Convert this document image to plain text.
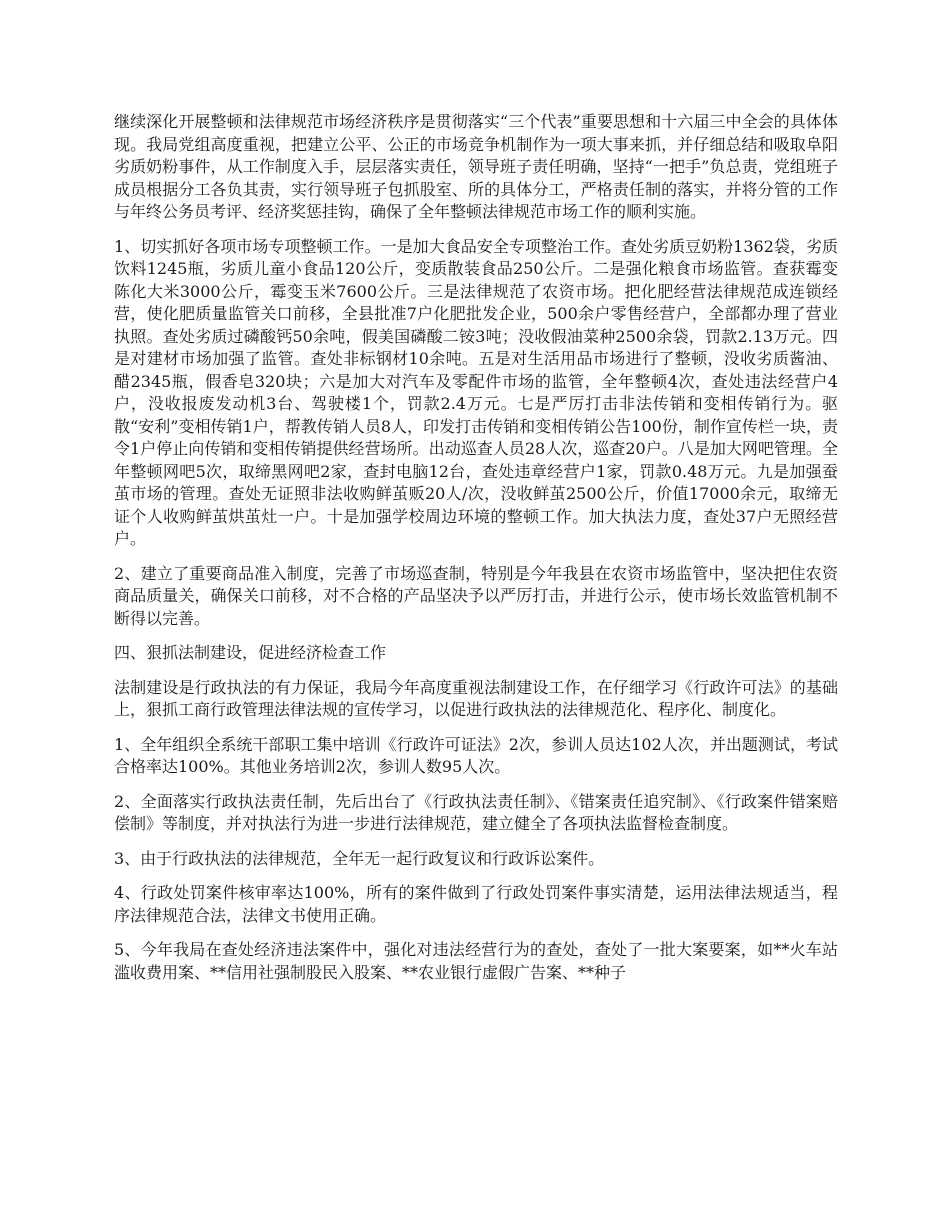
继续深化开展整顿和法律规范市场经济秩序是贯彻落实“三个代表”重要思想和十六届三中全会的具体体现。我局党组高度重视，把建立公平、公正的市场竞争机制作为一项大事来抓，并仔细总结和吸取阜阳劣质奶粉事件，从工作制度入手，层层落实责任，领导班子责任明确，坚持“一把手”负总责，党组班子成员根据分工各负其责，实行领导班子包抓股室、所的具体分工，严格责任制的落实，并将分管的工作与年终公务员考评、经济奖惩挂钩，确保了全年整顿法律规范市场工作的顺利实施。

1、切实抓好各项市场专项整顿工作。一是加大食品安全专项整治工作。查处劣质豆奶粉1362袋，劣质饮料1245瓶，劣质儿童小食品120公斤，变质散装食品250公斤。二是强化粮食市场监管。查获霉变陈化大米3000公斤，霉变玉米7600公斤。三是法律规范了农资市场。把化肥经营法律规范成连锁经营，使化肥质量监管关口前移，全县批准7户化肥批发企业，500余户零售经营户，全部都办理了营业执照。查处劣质过磷酸钙50余吨，假美国磷酸二铵3吨；没收假油菜种2500余袋，罚款2.13万元。四是对建材市场加强了监管。查处非标钢材10余吨。五是对生活用品市场进行了整顿，没收劣质酱油、醋2345瓶，假香皂320块；六是加大对汽车及零配件市场的监管，全年整顿4次，查处违法经营户4户，没收报废发动机3台、驾驶楼1个，罚款2.4万元。七是严厉打击非法传销和变相传销行为。驱散“安利”变相传销1户，帮教传销人员8人，印发打击传销和变相传销公告100份，制作宣传栏一块，责令1户停止向传销和变相传销提供经营场所。出动巡查人员28人次，巡查20户。八是加大网吧管理。全年整顿网吧5次，取缔黑网吧2家，查封电脑12台，查处违章经营户1家，罚款0.48万元。九是加强蚕茧市场的管理。查处无证照非法收购鲜茧贩20人/次，没收鲜茧2500公斤，价值17000余元，取缔无证个人收购鲜茧烘茧灶一户。十是加强学校周边环境的整顿工作。加大执法力度，查处37户无照经营户。

2、建立了重要商品准入制度，完善了市场巡查制，特别是今年我县在农资市场监管中，坚决把住农资商品质量关，确保关口前移，对不合格的产品坚决予以严厉打击，并进行公示，使市场长效监管机制不断得以完善。

四、狠抓法制建设，促进经济检查工作

法制建设是行政执法的有力保证，我局今年高度重视法制建设工作，在仔细学习《行政许可法》的基础上，狠抓工商行政管理法律法规的宣传学习，以促进行政执法的法律规范化、程序化、制度化。

1、全年组织全系统干部职工集中培训《行政许可证法》2次，参训人员达102人次，并出题测试，考试合格率达100%。其他业务培训2次，参训人数95人次。

2、全面落实行政执法责任制，先后出台了《行政执法责任制》、《错案责任追究制》、《行政案件错案赔偿制》等制度，并对执法行为进一步进行法律规范，建立健全了各项执法监督检查制度。

3、由于行政执法的法律规范，全年无一起行政复议和行政诉讼案件。

4、行政处罚案件核审率达100%，所有的案件做到了行政处罚案件事实清楚，运用法律法规适当，程序法律规范合法，法律文书使用正确。

5、今年我局在查处经济违法案件中，强化对违法经营行为的查处，查处了一批大案要案，如**火车站滥收费用案、**信用社强制股民入股案、**农业银行虚假广告案、**种子
